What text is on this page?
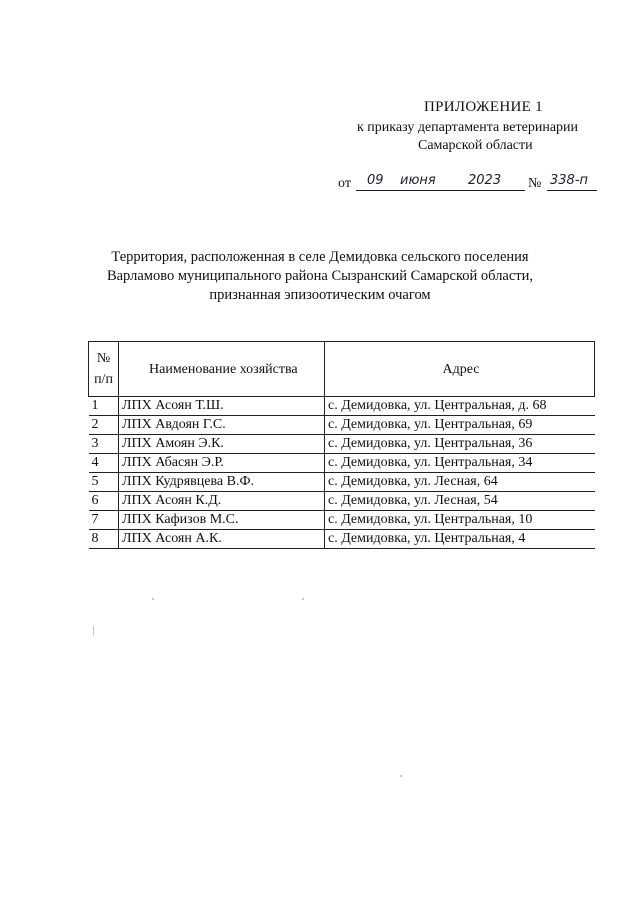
ПРИЛОЖЕНИЕ 1
к приказу департамента ветеринарии
Самарской области
от 09 июня 2023 № 338-п
Территория, расположенная в селе Демидовка сельского поселения
Варламово муниципального района Сызранский Самарской области,
признанная эпизоотическим очагом
№
п/п	Наименование хозяйства	Адрес
1	ЛПХ Асоян Т.Ш.	с. Демидовка, ул. Центральная, д. 68
2	ЛПХ Авдоян Г.С.	с. Демидовка, ул. Центральная, 69
3	ЛПХ Амоян Э.К.	с. Демидовка, ул. Центральная, 36
4	ЛПХ Абасян Э.Р.	с. Демидовка, ул. Центральная, 34
5	ЛПХ Кудрявцева В.Ф.	с. Демидовка, ул. Лесная, 64
6	ЛПХ Асоян К.Д.	с. Демидовка, ул. Лесная, 54
7	ЛПХ Кафизов М.С.	с. Демидовка, ул. Центральная, 10
8	ЛПХ Асоян А.К.	с. Демидовка, ул. Центральная, 4
